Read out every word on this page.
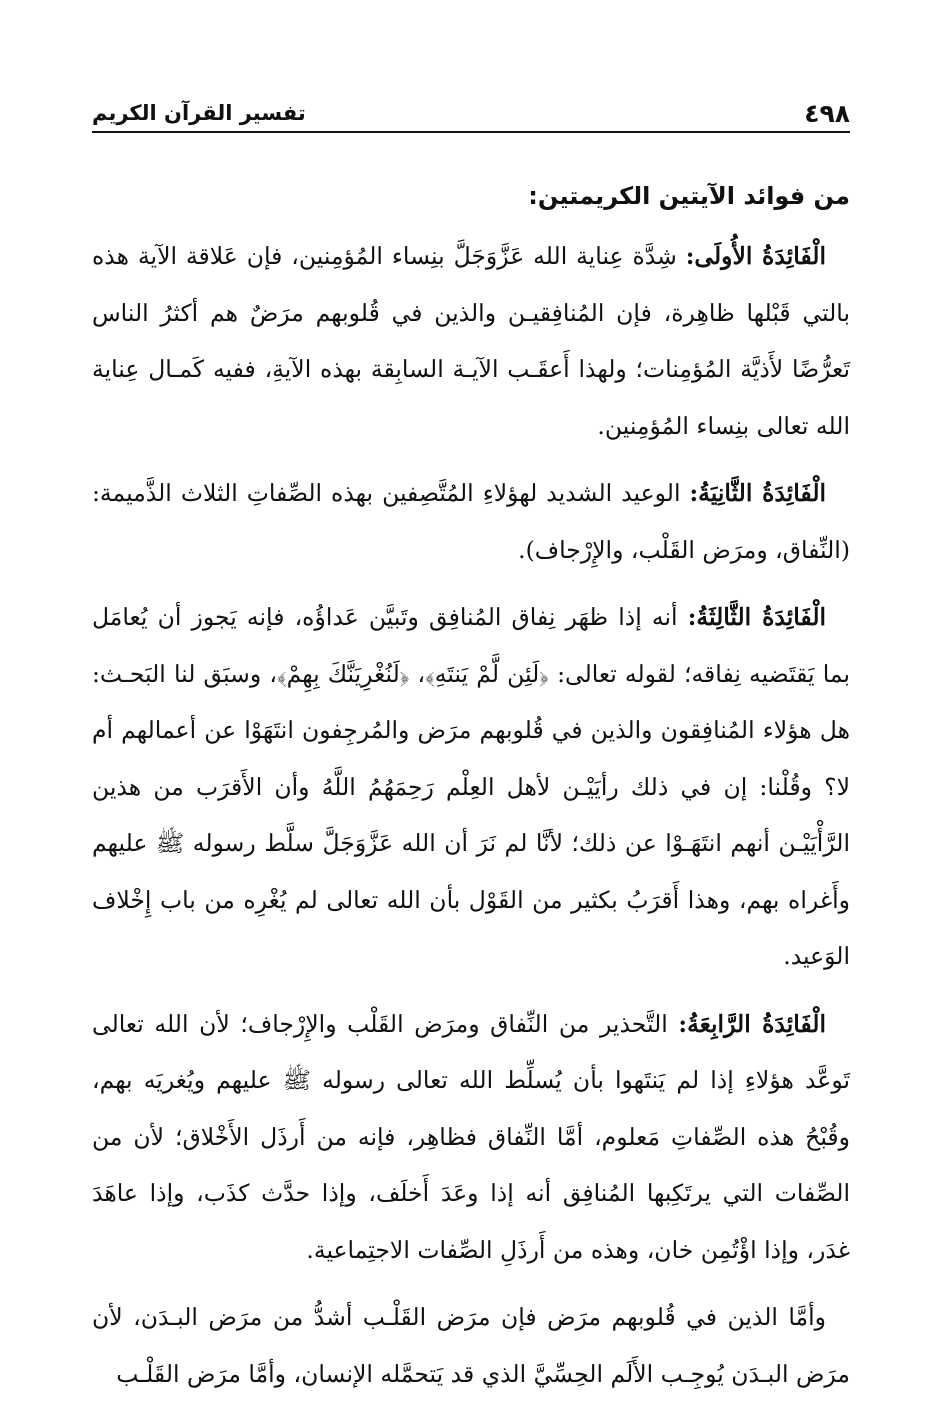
٤٩٨
تفسير القرآن الكريم
من فوائد الآيتين الكريمتين:

الْفَائِدَةُ الأُولَى: شِدَّة عِناية الله عَزَّوَجَلَّ بنِساء المُؤمِنين، فإن عَلاقة الآية هذه بالتي قَبْلها ظاهِرة، فإن المُنافِقيـن والذين في قُلوبهم مرَضٌ هم أكثرُ الناس تَعرُّضًا لأَذيَّة المُؤمِنات؛ ولهذا أَعقَـب الآيـة السابِقة بهذه الآيةِ، ففيه كَمـال عِناية الله تعالى بنِساء المُؤمِنين.

الْفَائِدَةُ الثَّانِيَةُ: الوعيد الشديد لهؤلاءِ المُتَّصِفين بهذه الصِّفاتِ الثلاث الذَّميمة: (النِّفاق، ومرَض القَلْب، والإِرْجاف).

الْفَائِدَةُ الثَّالِثَةُ: أنه إذا ظهَر نِفاق المُنافِق وتَبيَّن عَداؤُه، فإنه يَجوز أن يُعامَل بما يَقتَضيه نِفاقه؛ لقوله تعالى: ﴿لَئِن لَّمْ يَنتَهِ﴾، ﴿لَنُغْرِيَنَّكَ بِهِمْ﴾، وسبَق لنا البَحـث: هل هؤلاء المُنافِقون والذين في قُلوبهم مرَض والمُرجِفون انتَهَوْا عن أعمالهم أم لا؟ وقُلْنا: إن في ذلك رأيَيْـن لأهل العِلْم رَحِمَهُمُ اللَّهُ وأن الأَقرَب من هذين الرَّأْيَيْـن أنهم انتَهَـوْا عن ذلك؛ لأنَّا لم نَرَ أن الله عَزَّوَجَلَّ سلَّط رسوله ﷺ عليهم وأَغراه بهم، وهذا أَقرَبُ بكثير من القَوْل بأن الله تعالى لم يُغْرِه من باب إِخْلاف الوَعيد.

الْفَائِدَةُ الرَّابِعَةُ: التَّحذير من النِّفاق ومرَض القَلْب والإِرْجاف؛ لأن الله تعالى تَوعَّد هؤلاءِ إذا لم يَنتَهوا بأن يُسلِّط الله تعالى رسوله ﷺ عليهم ويُغريَه بهم، وقُبْحُ هذه الصِّفاتِ مَعلوم، أمَّا النِّفاق فظاهِر، فإنه من أَرذَل الأَخْلاق؛ لأن من الصِّفات التي يرتَكِبها المُنافِق أنه إذا وعَدَ أَخلَف، وإذا حدَّث كذَب، وإذا عاهَدَ غدَر، وإذا اؤْتُمِن خان، وهذه من أَرذَلِ الصِّفات الاجتِماعية.

وأمَّا الذين في قُلوبهم مرَض فإن مرَض القَلْـب أشدُّ من مرَض البـدَن، لأن مرَض البـدَن يُوجِـب الأَلَم الحِسِّيَّ الذي قد يَتحمَّله الإنسان، وأمَّا مرَض القَلْـب
